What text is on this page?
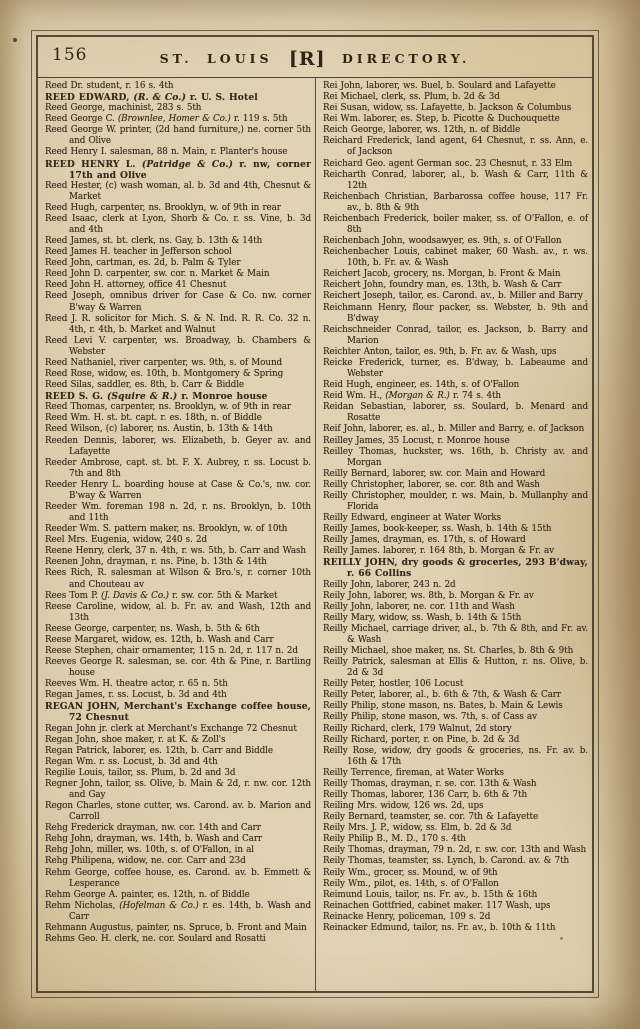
156	ST. LOUIS [R] DIRECTORY.

Reed Dr. student, r. 16 s. 4th

REED EDWARD, (R. & Co.) r. U. S. Hotel

Reed George, machinist, 283 s. 5th

Reed George C. (Brownlee, Homer & Co.) r. 119 s. 5th

Reed George W. printer, (2d hand furniture,) ne. corner 5th and Olive

Reed Henry I. salesman, 88 n. Main, r. Planter's house

REED HENRY L. (Patridge & Co.) r. nw, corner 17th and Olive

Reed Hester, (c) wash woman, al. b. 3d and 4th, Chesnut & Market

Reed Hugh, carpenter, ns. Brooklyn, w. of 9th in rear

Reed Isaac, clerk at Lyon, Shorb & Co. r. ss. Vine, b. 3d and 4th

Reed James, st. bt. clerk, ns. Gay, b. 13th & 14th

Reed James H. teacher in Jefferson school

Reed John, cartman, es. 2d, b. Palm & Tyler

Reed John D. carpenter, sw. cor. n. Market & Main

Reed John H. attorney, office 41 Chesnut

Reed Joseph, omnibus driver for Case & Co. nw. corner B'way & Warren

Reed J. R. solicitor for Mich. S. & N. Ind. R. R. Co. 32 n. 4th, r. 4th, b. Market and Walnut

Reed Levi V. carpenter, ws. Broadway, b. Chambers & Webster

Reed Nathaniel, river carpenter, ws. 9th, s. of Mound

Reed Rose, widow, es. 10th, b. Montgomery & Spring

Reed Silas, saddler, es. 8th, b. Carr & Biddle

REED S. G. (Squire & R.) r. Monroe house

Reed Thomas, carpenter, ns. Brooklyn, w. of 9th in rear

Reed Wm. H. st. bt. capt. r. es. 18th, n. of Biddle

Reed Wilson, (c) laborer, ns. Austin, b. 13th & 14th

Reeden Dennis, laborer, ws. Elizabeth, b. Geyer av. and Lafayette

Reeder Ambrose, capt. st. bt. F. X. Aubrey, r. ss. Locust b. 7th and 8th

Reeder Henry L. boarding house at Case & Co.'s, nw. cor. B'way & Warren

Reeder Wm. foreman 198 n. 2d, r. ns. Brooklyn, b. 10th and 11th

Reeder Wm. S. pattern maker, ns. Brooklyn, w. of 10th

Reel Mrs. Eugenia, widow, 240 s. 2d

Reene Henry, clerk, 37 n. 4th, r. ws. 5th, b. Carr and Wash

Reenen John, drayman, r. ns. Pine, b. 13th & 14th

Rees Rich, R. salesman at Wilson & Bro.'s, r. corner 10th and Chouteau av

Rees Tom P. (J. Davis & Co.) r. sw. cor. 5th & Market

Reese Caroline, widow, al. b. Fr. av. and Wash, 12th and 13th

Reese George, carpenter, ns. Wash, b. 5th & 6th

Reese Margaret, widow, es. 12th, b. Wash and Carr

Reese Stephen, chair ornamenter, 115 n. 2d, r. 117 n. 2d

Reeves George R. salesman, se. cor. 4th & Pine, r. Bartling house

Reeves Wm. H. theatre actor, r. 65 n. 5th

Regan James, r. ss. Locust, b. 3d and 4th

REGAN JOHN, Merchant's Exchange coffee house, 72 Chesnut

Regan John jr. clerk at Merchant's Exchange 72 Chesnut

Regan John, shoe maker, r. at K. & Zoll's

Regan Patrick, laborer, es. 12th, b. Carr and Biddle

Regan Wm. r. ss. Locust, b. 3d and 4th

Regilie Louis, tailor, ss. Plum, b. 2d and 3d

Regner John, tailor, ss. Olive, b. Main & 2d, r. nw. cor. 12th and Gay

Regon Charles, stone cutter, ws. Carond. av. b. Marion and Carroll

Rehg Frederick drayman, nw. cor. 14th and Carr

Rehg John, drayman, ws. 14th, b. Wash and Carr

Rehg John, miller, ws. 10th, s. of O'Fallon, in al

Rehg Philipena, widow, ne. cor. Carr and 23d

Rehm George, coffee house, es. Carond. av. b. Emmett & Lesperance

Rehm George A. painter, es. 12th, n. of Biddle

Rehm Nicholas, (Hofelman & Co.) r. es. 14th, b. Wash and Carr

Rehmann Augustus, painter, ns. Spruce, b. Front and Main

Rehms Geo. H. clerk, ne. cor. Soulard and Rosatti

Rei John, laborer, ws. Buel, b. Soulard and Lafayette

Rei Michael, clerk, ss. Plum, b. 2d & 3d

Rei Susan, widow, ss. Lafayette, b. Jackson & Columbus

Rei Wm. laborer, es. Step, b. Picotte & Duchouquette

Reich George, laborer, ws. 12th, n. of Biddle

Reichard Frederick, land agent, 64 Chesnut, r. ss. Ann, e. of Jackson

Reichard Geo. agent German soc. 23 Chesnut, r. 33 Elm

Reicharth Conrad, laborer, al., b. Wash & Carr, 11th & 12th

Reichenbach Christian, Barbarossa coffee house, 117 Fr. av., b. 8th & 9th

Reichenbach Frederick, boiler maker, ss. of O'Fallon, e. of 8th

Reichenbach John, woodsawyer, es. 9th, s. of O'Fallon

Reichenbacher Louis, cabinet maker, 60 Wash. av., r. ws. 10th, b. Fr. av. & Wash

Reichert Jacob, grocery, ns. Morgan, b. Front & Main

Reichert John, foundry man, es. 13th, b. Wash & Carr

Reichert Joseph, tailor, es. Carond. av., b. Miller and Barry

Reichmann Henry, flour packer, ss. Webster, b. 9th and B'dway

Reichschneider Conrad, tailor, es. Jackson, b. Barry and Marion

Reichter Anton, tailor, es. 9th, b. Fr. av. & Wash, ups

Reicke Frederick, turner, es. B'dway, b. Labeaume and Webster

Reid Hugh, engineer, es. 14th, s. of O'Fallon

Reid Wm. H., (Morgan & R.) r. 74 s. 4th

Reidan Sebastian, laborer, ss. Soulard, b. Menard and Rosatte

Reif John, laborer, es. al., b. Miller and Barry, e. of Jackson

Reilley James, 35 Locust, r. Monroe house

Reilley Thomas, huckster, ws. 16th, b. Christy av. and Morgan

Reilly Bernard, laborer, sw. cor. Main and Howard

Reilly Christopher, laborer, se. cor. 8th and Wash

Reilly Christopher, moulder, r. ws. Main, b. Mullanphy and Florida

Reilly Edward, engineer at Water Works

Reilly James, book-keeper, ss. Wash, b. 14th & 15th

Reilly James, drayman, es. 17th, s. of Howard

Reilly James. laborer, r. 164 8th, b. Morgan & Fr. av

REILLY JOHN, dry goods & groceries, 293 B'dway, r. 66 Collins

Reilly John, laborer, 243 n. 2d

Reily John, laborer, ws. 8th, b. Morgan & Fr. av

Reilly John, laborer, ne. cor. 11th and Wash

Reilly Mary, widow, ss. Wash, b. 14th & 15th

Reilly Michael, carriage driver, al., b. 7th & 8th, and Fr. av. & Wash

Reilly Michael, shoe maker, ns. St. Charles, b. 8th & 9th

Reilly Patrick, salesman at Ellis & Hutton, r. ns. Olive, b. 2d & 3d

Reilly Peter, hostler, 106 Locust

Reilly Peter, laborer, al., b. 6th & 7th, & Wash & Carr

Reilly Philip, stone mason, ns. Bates, b. Main & Lewis

Reilly Philip, stone mason, ws. 7th, s. of Cass av

Reilly Richard, clerk, 179 Walnut, 2d story

Reilly Richard, porter, r. on Pine, b. 2d & 3d

Reilly Rose, widow, dry goods & groceries, ns. Fr. av. b. 16th & 17th

Reilly Terrence, fireman, at Water Works

Reilly Thomas, drayman, r. se. cor. 13th & Wash

Reilly Thomas, laborer, 136 Carr, b. 6th & 7th

Reiling Mrs. widow, 126 ws. 2d, ups

Reily Bernard, teamster, se. cor. 7th & Lafayette

Reily Mrs. J. P., widow, ss. Elm, b. 2d & 3d

Reily Philip B., M. D., 170 s. 4th

Reily Thomas, drayman, 79 n. 2d, r. sw. cor. 13th and Wash

Reily Thomas, teamster, ss. Lynch, b. Carond. av. & 7th

Reily Wm., grocer, ss. Mound, w. of 9th

Reily Wm., pilot, es. 14th, s. of O'Fallon

Reimund Louis, tailor, ns. Fr. av., b. 15th & 16th

Reinachen Gottfried, cabinet maker. 117 Wash, ups

Reinacke Henry, policeman, 109 s. 2d

Reinacker Edmund, tailor, ns. Fr. av., b. 10th & 11th
